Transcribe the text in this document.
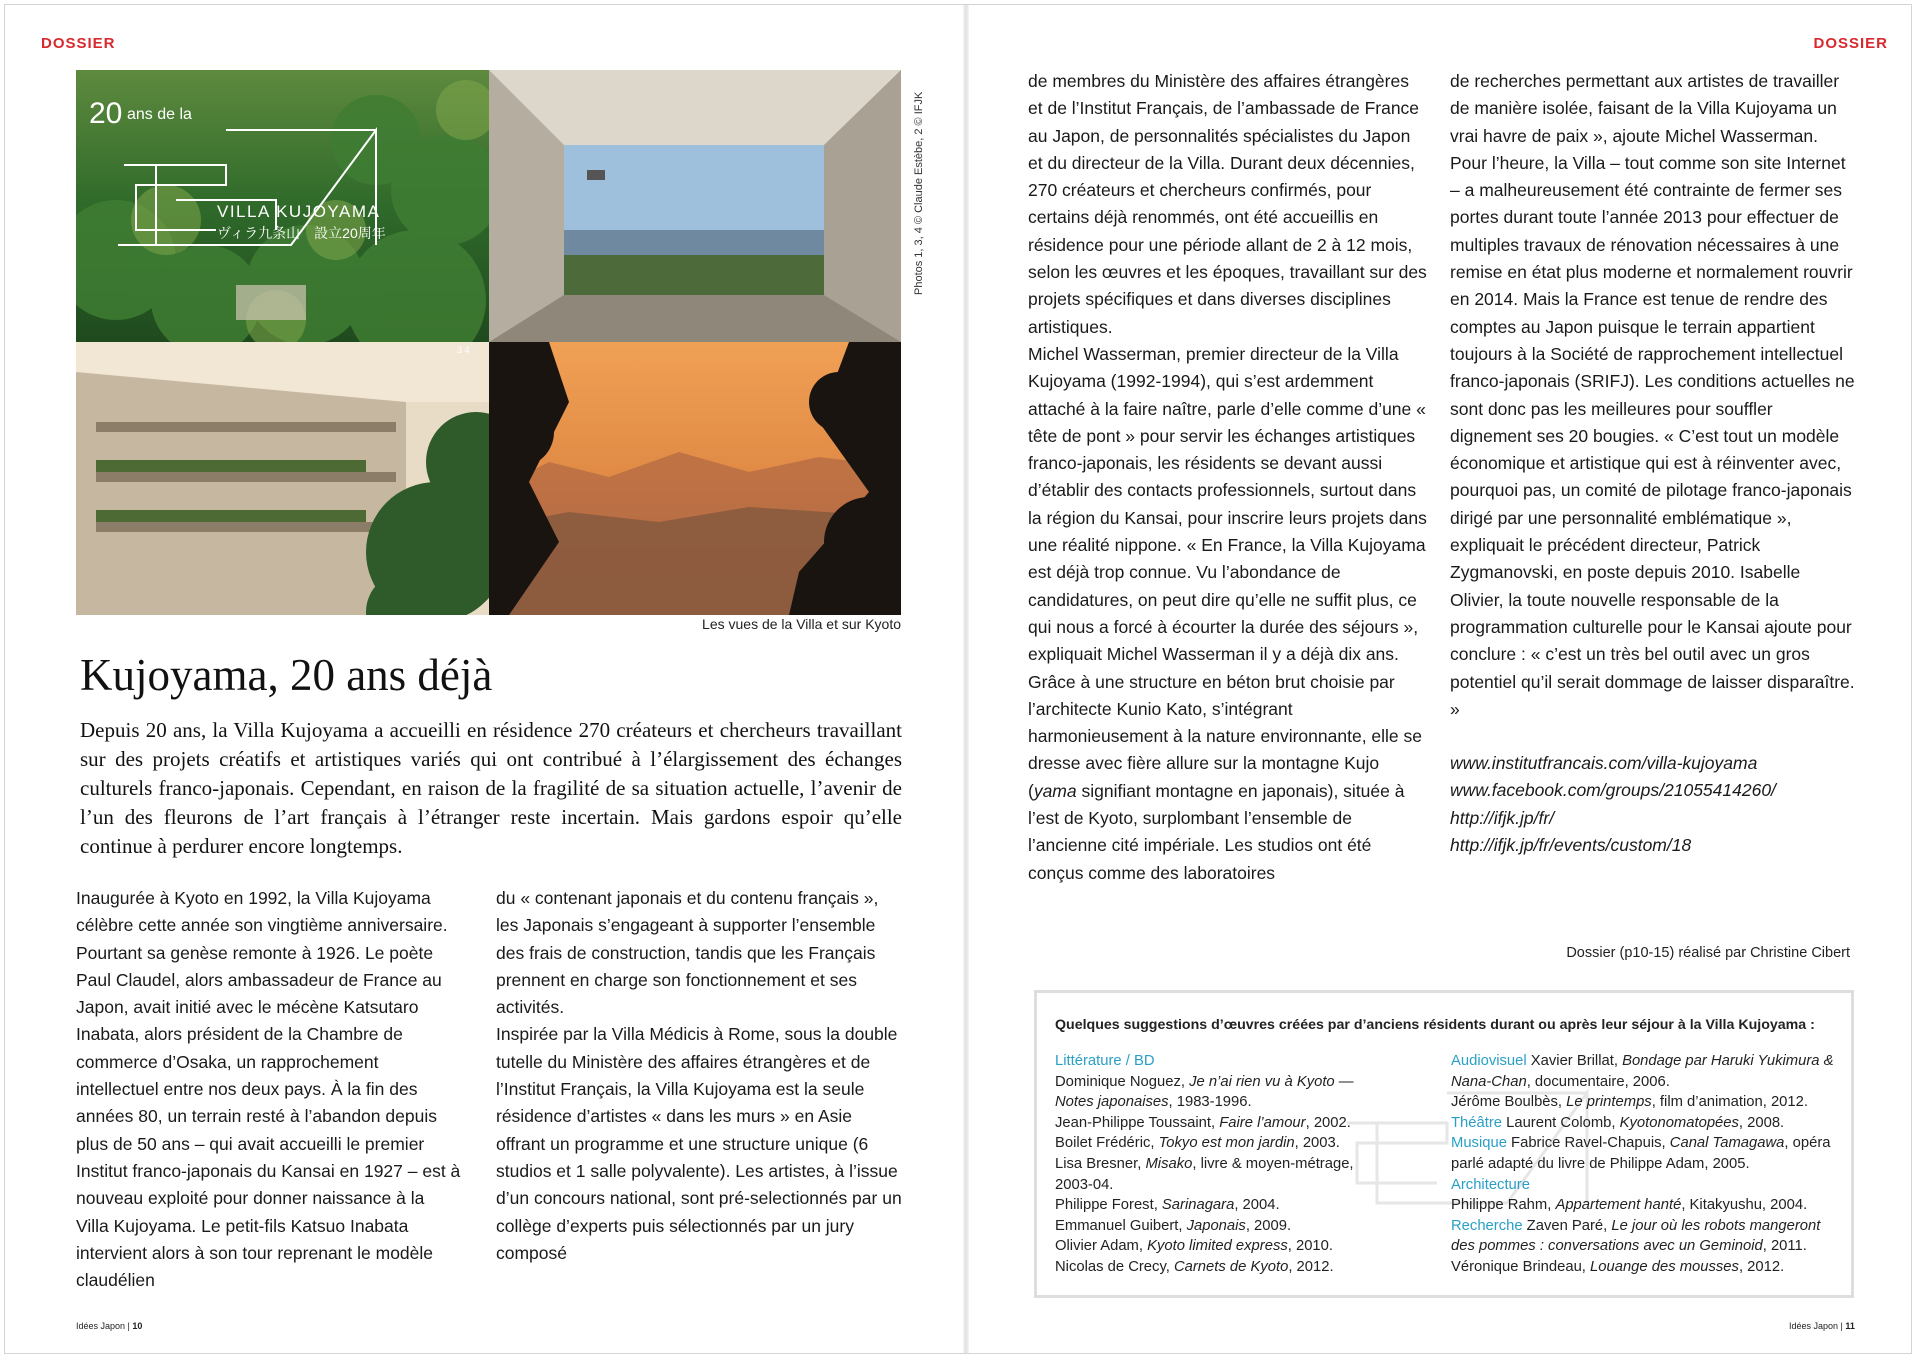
DOSSIER	DOSSIER
20 ans de la
VILLA KUJOYAMA
ヴィラ九条山　設立20周年
3 4
Photos 1, 3, 4 © Claude Estèbe, 2 © IFJK
Les vues de la Villa et sur Kyoto
Kujoyama, 20 ans déjà

Depuis 20 ans, la Villa Kujoyama a accueilli en résidence 270 créateurs et chercheurs travaillant sur des projets créatifs et artistiques variés qui ont contribué à l’élargissement des échanges culturels franco-japonais. Cependant, en raison de la fragilité de sa situation actuelle, l’avenir de l’un des fleurons de l’art français à l’étranger reste incertain. Mais gardons espoir qu’elle continue à perdurer encore longtemps.

Inaugurée à Kyoto en 1992, la Villa Kujoyama célèbre cette année son vingtième anniversaire. Pourtant sa genèse remonte à 1926. Le poète Paul Claudel, alors ambassadeur de France au Japon, avait initié avec le mécène Katsutaro Inabata, alors président de la Chambre de commerce d’Osaka, un rapprochement intellectuel entre nos deux pays. À la fin des années 80, un terrain resté à l’abandon depuis plus de 50 ans – qui avait accueilli le premier Institut franco-japonais du Kansai en 1927 – est à nouveau exploité pour donner naissance à la Villa Kujoyama. Le petit-fils Katsuo Inabata intervient alors à son tour reprenant le modèle claudélien

du « contenant japonais et du contenu français », les Japonais s’engageant à supporter l’ensemble des frais de construction, tandis que les Français prennent en charge son fonctionnement et ses activités.

Inspirée par la Villa Médicis à Rome, sous la double tutelle du Ministère des affaires étrangères et de l’Institut Français, la Villa Kujoyama est la seule résidence d’artistes « dans les murs » en Asie offrant un programme et une structure unique (6 studios et 1 salle polyvalente). Les artistes, à l’issue d’un concours national, sont pré-selectionnés par un collège d’experts puis sélectionnés par un jury composé

de membres du Ministère des affaires étrangères et de l’Institut Français, de l’ambassade de France au Japon, de personnalités spécialistes du Japon et du directeur de la Villa. Durant deux décennies, 270 créateurs et chercheurs confirmés, pour certains déjà renommés, ont été accueillis en résidence pour une période allant de 2 à 12 mois, selon les œuvres et les époques, travaillant sur des projets spécifiques et dans diverses disciplines artistiques.

Michel Wasserman, premier directeur de la Villa Kujoyama (1992-1994), qui s’est ardemment attaché à la faire naître, parle d’elle comme d’une « tête de pont » pour servir les échanges artistiques franco-japonais, les résidents se devant aussi d’établir des contacts professionnels, surtout dans la région du Kansai, pour inscrire leurs projets dans une réalité nippone. « En France, la Villa Kujoyama est déjà trop connue. Vu l’abondance de candidatures, on peut dire qu’elle ne suffit plus, ce qui nous a forcé à écourter la durée des séjours », expliquait Michel Wasserman il y a déjà dix ans.

Grâce à une structure en béton brut choisie par l’architecte Kunio Kato, s’intégrant harmonieusement à la nature environnante, elle se dresse avec fière allure sur la montagne Kujo (yama signifiant montagne en japonais), située à l’est de Kyoto, surplombant l’ensemble de l’ancienne cité impériale. Les studios ont été conçus comme des laboratoires

de recherches permettant aux artistes de travailler de manière isolée, faisant de la Villa Kujoyama un vrai havre de paix », ajoute Michel Wasserman.

Pour l’heure, la Villa – tout comme son site Internet – a malheureusement été contrainte de fermer ses portes durant toute l’année 2013 pour effectuer de multiples travaux de rénovation nécessaires à une remise en état plus moderne et normalement rouvrir en 2014. Mais la France est tenue de rendre des comptes au Japon puisque le terrain appartient toujours à la Société de rapprochement intellectuel franco-japonais (SRIFJ). Les conditions actuelles ne sont donc pas les meilleures pour souffler dignement ses 20 bougies. « C’est tout un modèle économique et artistique qui est à réinventer avec, pourquoi pas, un comité de pilotage franco-japonais dirigé par une personnalité emblématique », expliquait le précédent directeur, Patrick Zygmanovski, en poste depuis 2010. Isabelle Olivier, la toute nouvelle responsable de la programmation culturelle pour le Kansai ajoute pour conclure : « c’est un très bel outil avec un gros potentiel qu’il serait dommage de laisser disparaître. »

www.institutfrancais.com/villa-kujoyama
www.facebook.com/groups/21055414260/
http://ifjk.jp/fr/
http://ifjk.jp/fr/events/custom/18
Dossier (p10-15) réalisé par Christine Cibert
Quelques suggestions d’œuvres créées par d’anciens résidents durant ou après leur séjour à la Villa Kujoyama :

Littérature / BD

Dominique Noguez, Je n’ai rien vu à Kyoto — Notes japonaises, 1983-1996.

Jean-Philippe Toussaint, Faire l’amour, 2002.

Boilet Frédéric, Tokyo est mon jardin, 2003.

Lisa Bresner, Misako, livre & moyen-métrage, 2003-04.

Philippe Forest, Sarinagara, 2004.

Emmanuel Guibert, Japonais, 2009.

Olivier Adam, Kyoto limited express, 2010.

Nicolas de Crecy, Carnets de Kyoto, 2012.

Audiovisuel Xavier Brillat, Bondage par Haruki Yukimura & Nana-Chan, documentaire, 2006.

Jérôme Boulbès, Le printemps, film d’animation, 2012.

Théâtre Laurent Colomb, Kyotonomatopées, 2008.

Musique Fabrice Ravel-Chapuis, Canal Tamagawa, opéra parlé adapté du livre de Philippe Adam, 2005.

Architecture

Philippe Rahm, Appartement hanté, Kitakyushu, 2004.

Recherche Zaven Paré, Le jour où les robots mangeront des pommes : conversations avec un Geminoid, 2011.

Véronique Brindeau, Louange des mousses, 2012.

Idées Japon | 10	Idées Japon | 11
